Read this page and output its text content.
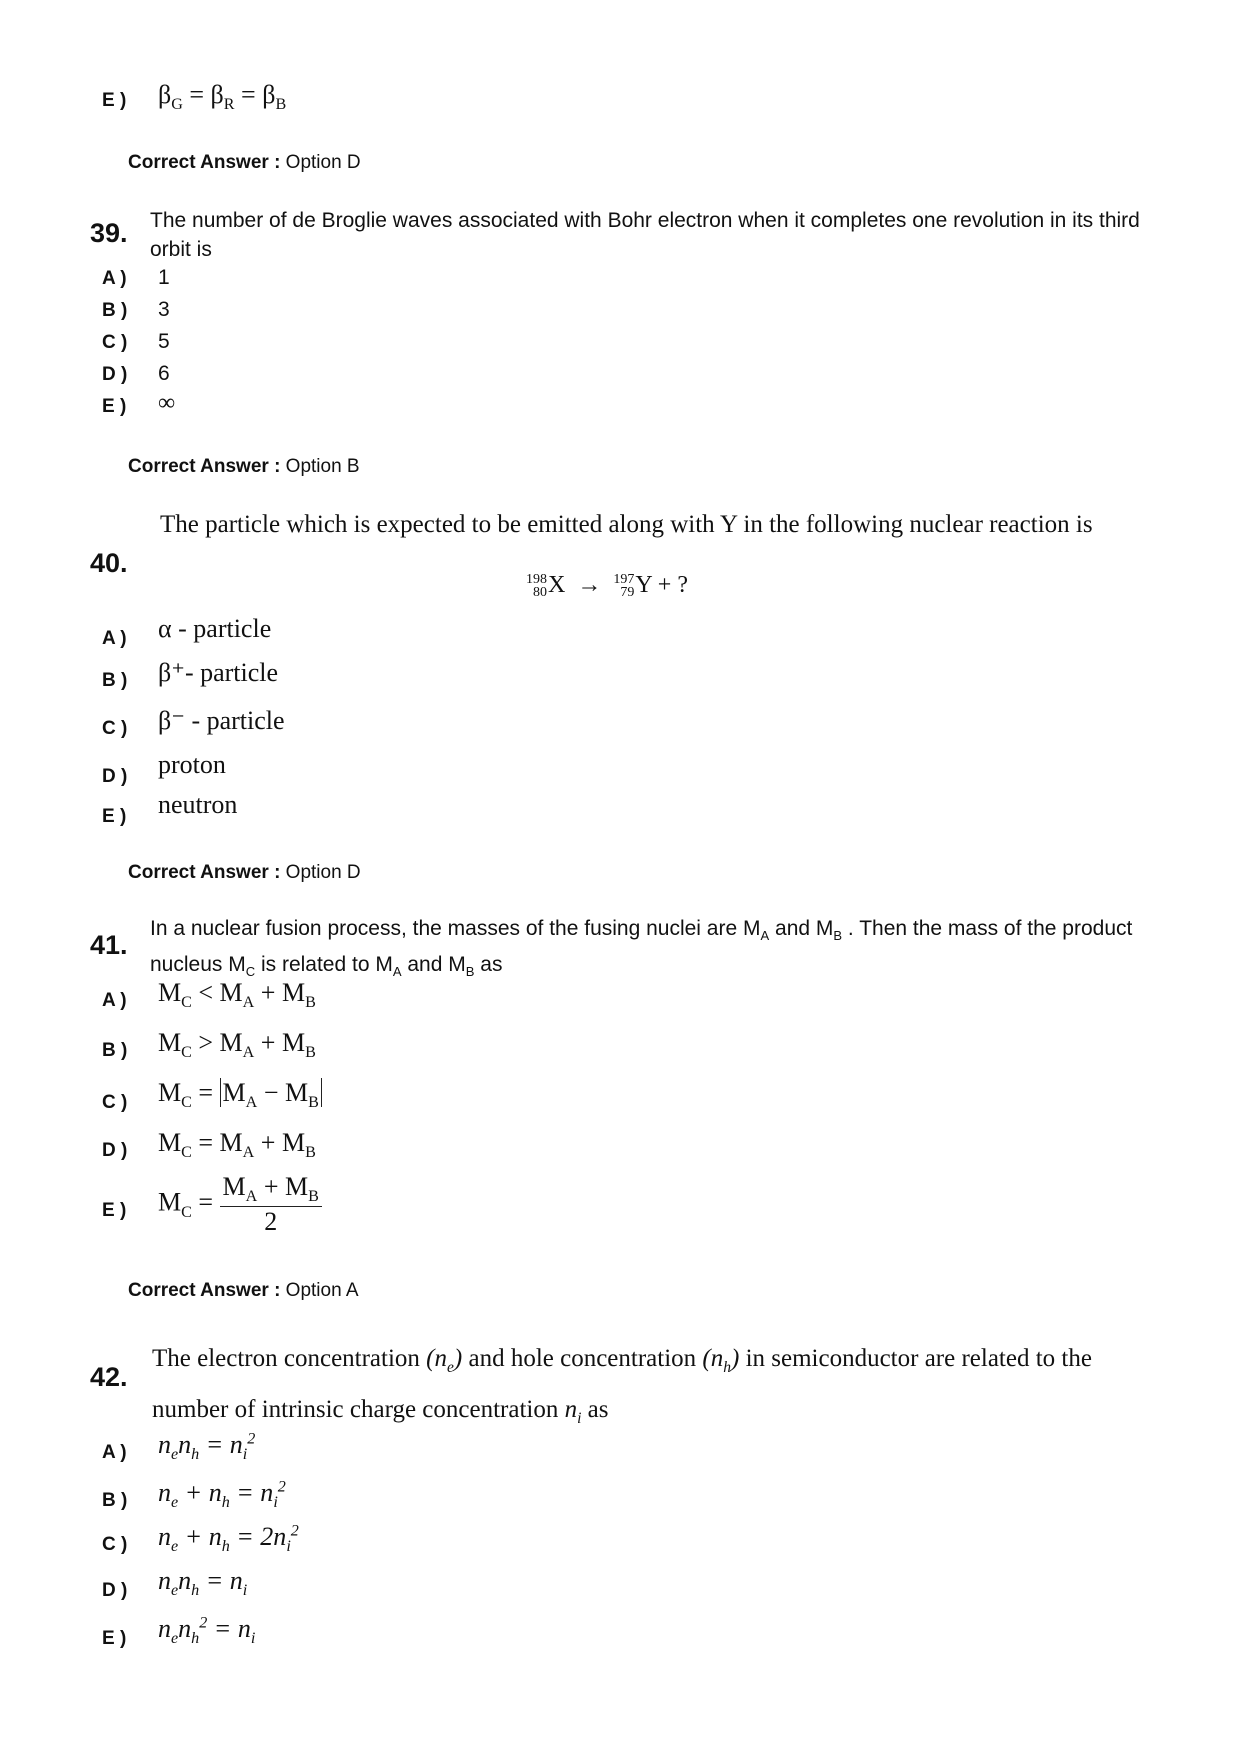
E ) $\beta_G = \beta_R = \beta_B$
Correct Answer : Option D
39. The number of de Broglie waves associated with Bohr electron when it completes one revolution in its third orbit is
A ) 1
B ) 3
C ) 5
D ) 6
E ) ∞
Correct Answer : Option B
40.
The particle which is expected to be emitted along with Y in the following nuclear reaction is
198
80 X → 197
79 Y + ?
A ) α - particle
B ) β⁺- particle
C ) β⁻ - particle
D ) proton
E ) neutron
Correct Answer : Option D
41.
In a nuclear fusion process, the masses of the fusing nuclei are $M_A$ and $M_B$ . Then the mass of the product nucleus $M_C$ is related to $M_A$ and $M_B$ as
A ) $M_C < M_A + M_B$
B ) $M_C > M_A + M_B$
C ) $M_C = M_A - M_B$
D ) $M_C = M_A + M_B$
E ) $M_C = \frac{M_A + M_B}{2}$
Correct Answer : Option A
42.
The electron concentration $(n_e)$ and hole concentration $(n_h)$ in semiconductor are related to the number of intrinsic charge concentration $n_i$ as
A ) $n_en_h = n_i^2$
B ) $n_e + n_h = n_i^2$
C ) $n_e + n_h = 2n_i^2$
D ) $n_en_h = n_i$
E ) $n_en_h^2 = n_i$
